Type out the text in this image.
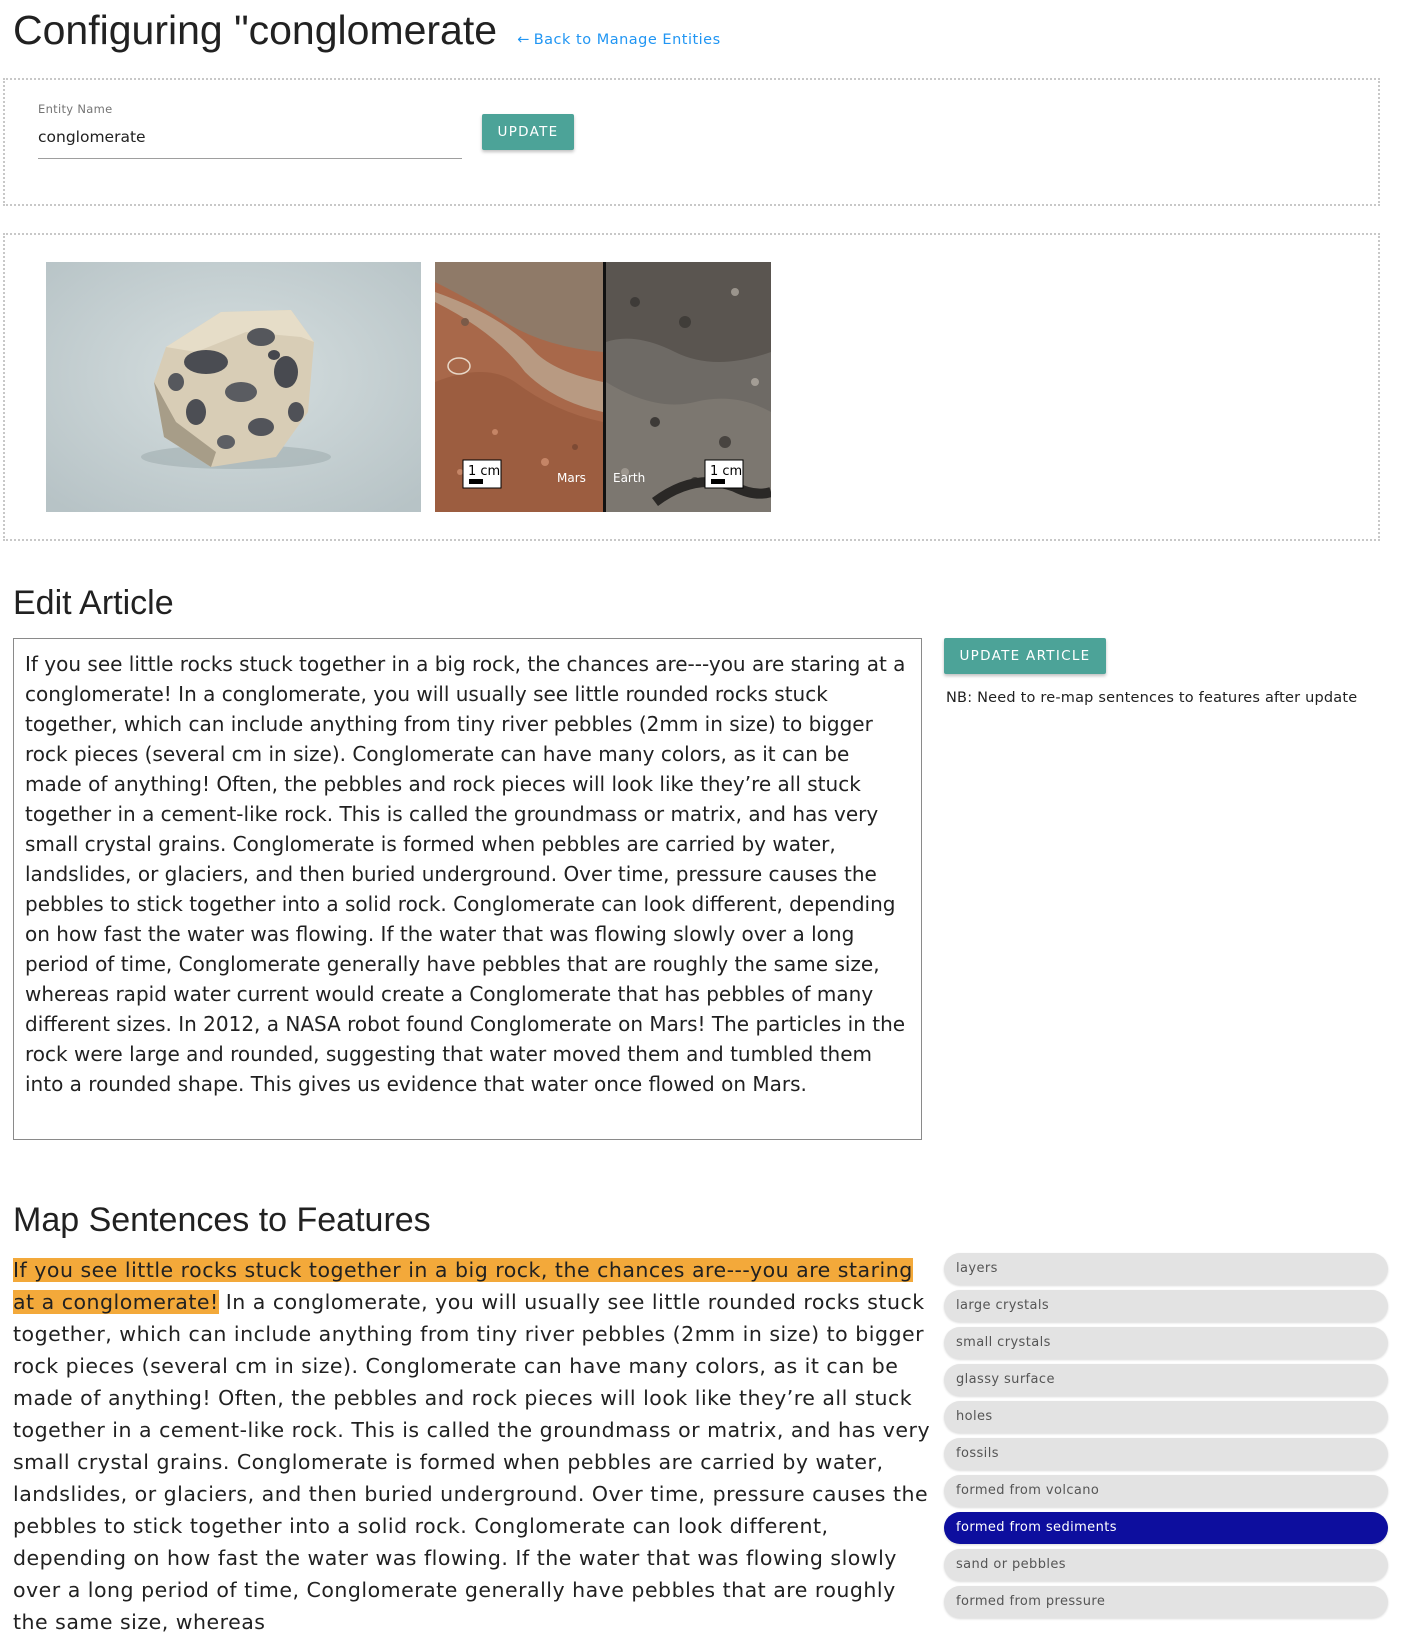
Configuring "conglomerate ← Back to Manage Entities
Entity Name
conglomerate
UPDATE
1 cm	Mars Earth	1 cm
Edit Article
If you see little rocks stuck together in a big rock, the chances are---you are staring at a conglomerate! In a conglomerate, you will usually see little rounded rocks stuck together, which can include anything from tiny river pebbles (2mm in size) to bigger rock pieces (several cm in size). Conglomerate can have many colors, as it can be made of anything! Often, the pebbles and rock pieces will look like they’re all stuck together in a cement-like rock. This is called the groundmass or matrix, and has very small crystal grains. Conglomerate is formed when pebbles are carried by water, landslides, or glaciers, and then buried underground. Over time, pressure causes the pebbles to stick together into a solid rock. Conglomerate can look different, depending on how fast the water was flowing. If the water that was flowing slowly over a long period of time, Conglomerate generally have pebbles that are roughly the same size, whereas rapid water current would create a Conglomerate that has pebbles of many different sizes. In 2012, a NASA robot found Conglomerate on Mars! The particles in the rock were large and rounded, suggesting that water moved them and tumbled them into a rounded shape. This gives us evidence that water once flowed on Mars.
UPDATE ARTICLE
NB: Need to re-map sentences to features after update
Map Sentences to Features
If you see little rocks stuck together in a big rock, the chances are---you are staring at a conglomerate! In a conglomerate, you will usually see little rounded rocks stuck together, which can include anything from tiny river pebbles (2mm in size) to bigger rock pieces (several cm in size). Conglomerate can have many colors, as it can be made of anything! Often, the pebbles and rock pieces will look like they’re all stuck together in a cement-like rock. This is called the groundmass or matrix, and has very small crystal grains. Conglomerate is formed when pebbles are carried by water, landslides, or glaciers, and then buried underground. Over time, pressure causes the pebbles to stick together into a solid rock. Conglomerate can look different, depending on how fast the water was flowing. If the water that was flowing slowly over a long period of time, Conglomerate generally have pebbles that are roughly the same size, whereas
layers
large crystals
small crystals
glassy surface
holes
fossils
formed from volcano
formed from sediments
sand or pebbles
formed from pressure
